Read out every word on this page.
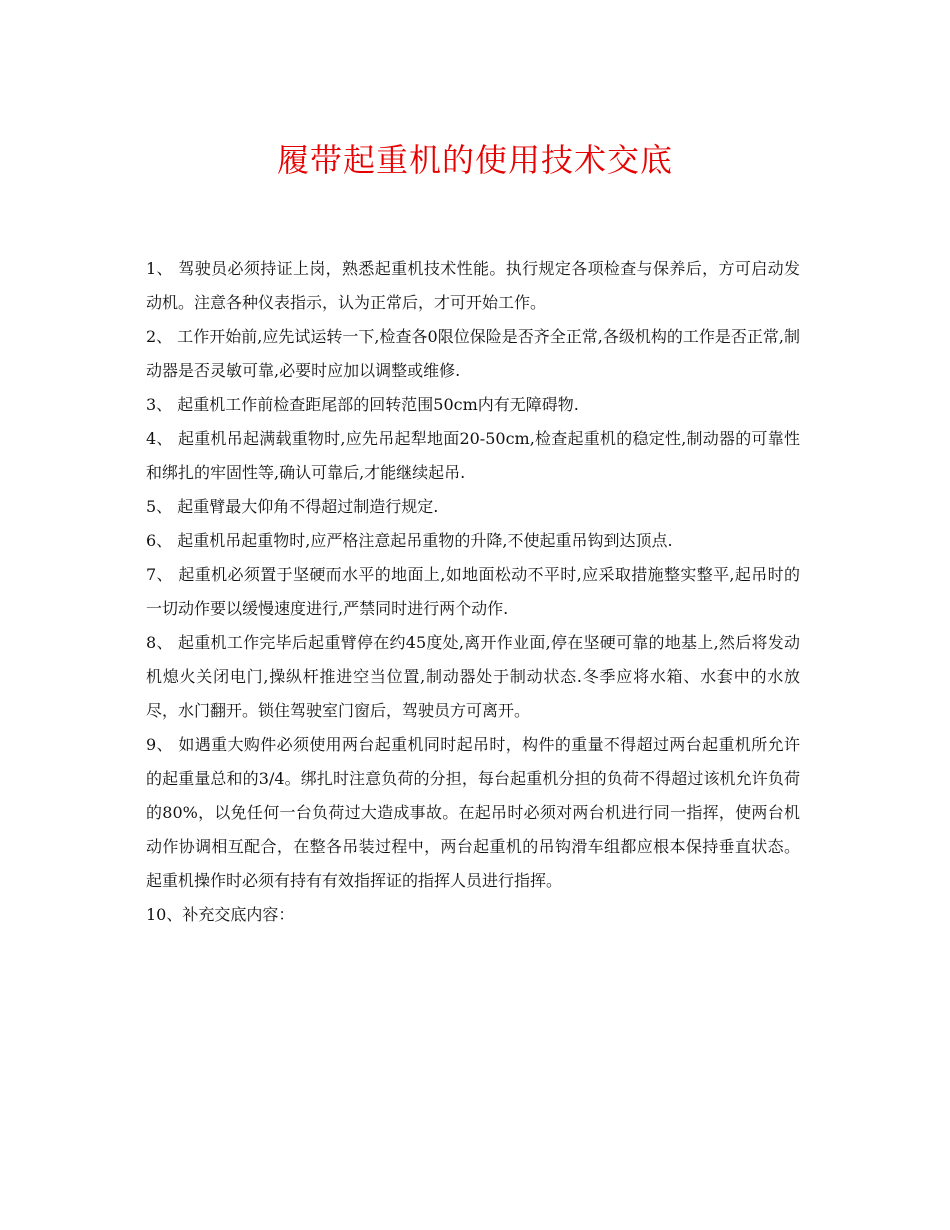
履带起重机的使用技术交底

1、 驾驶员必须持证上岗，熟悉起重机技术性能。执行规定各项检查与保养后，方可启动发动机。注意各种仪表指示，认为正常后，才可开始工作。

2、 工作开始前,应先试运转一下,检查各0限位保险是否齐全正常,各级机构的工作是否正常,制动器是否灵敏可靠,必要时应加以调整或维修.

3、 起重机工作前检查距尾部的回转范围50cm内有无障碍物.

4、 起重机吊起满载重物时,应先吊起犁地面20-50cm,检查起重机的稳定性,制动器的可靠性和绑扎的牢固性等,确认可靠后,才能继续起吊.

5、 起重臂最大仰角不得超过制造行规定.

6、 起重机吊起重物时,应严格注意起吊重物的升降,不使起重吊钩到达顶点.

7、 起重机必须置于坚硬而水平的地面上,如地面松动不平时,应采取措施整实整平,起吊时的一切动作要以缓慢速度进行,严禁同时进行两个动作.

8、 起重机工作完毕后起重臂停在约45度处,离开作业面,停在坚硬可靠的地基上,然后将发动机熄火关闭电门,操纵杆推进空当位置,制动器处于制动状态.冬季应将水箱、水套中的水放尽，水门翻开。锁住驾驶室门窗后，驾驶员方可离开。

9、 如遇重大购件必须使用两台起重机同时起吊时，构件的重量不得超过两台起重机所允许的起重量总和的3/4。绑扎时注意负荷的分担，每台起重机分担的负荷不得超过该机允许负荷的80%，以免任何一台负荷过大造成事故。在起吊时必须对两台机进行同一指挥，使两台机动作协调相互配合，在整各吊装过程中，两台起重机的吊钩滑车组都应根本保持垂直状态。起重机操作时必须有持有有效指挥证的指挥人员进行指挥。

10、补充交底内容：
